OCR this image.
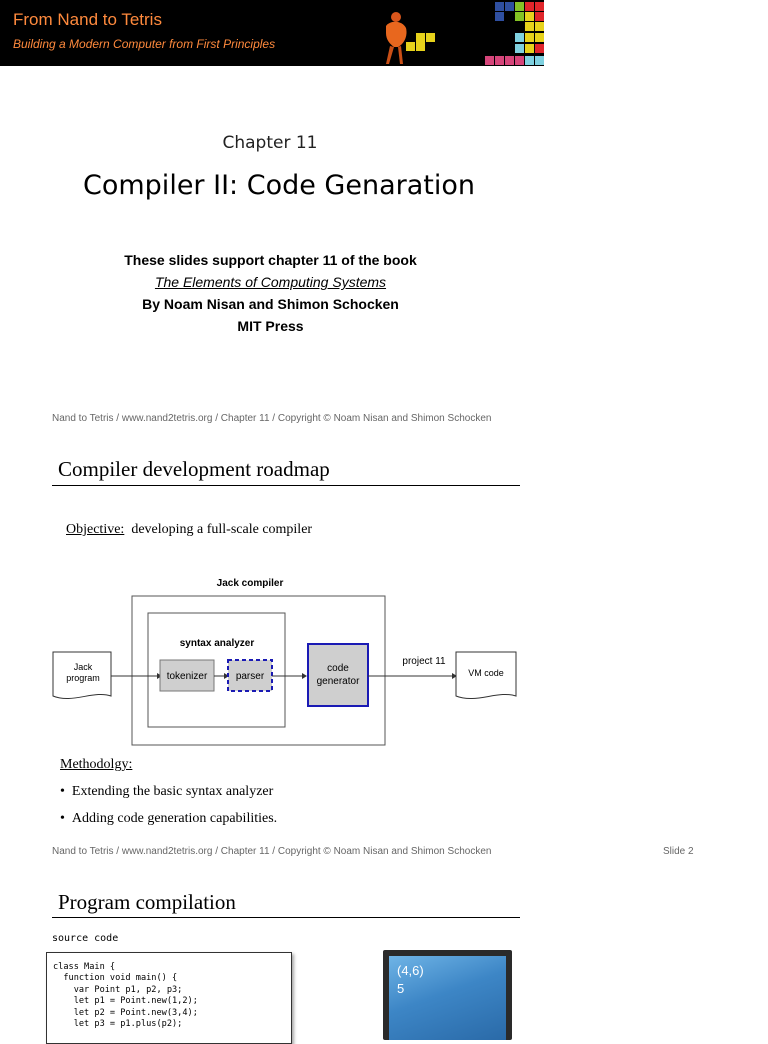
From Nand to Tetris
Building a Modern Computer from First Principles
Chapter 11
Compiler II: Code Genaration
These slides support chapter 11 of the book
The Elements of Computing Systems
By Noam Nisan and Shimon Schocken
MIT Press
Nand to Tetris / www.nand2tetris.org / Chapter 11 / Copyright © Noam Nisan and Shimon Schocken
Compiler development roadmap
Objective: developing a full-scale compiler
Jack compiler
syntax analyzer
Jack
program	tokenizer	parser
code
generator
project 11
VM code
Methodolgy:
• Extending the basic syntax analyzer
• Adding code generation capabilities.
Nand to Tetris / www.nand2tetris.org / Chapter 11 / Copyright © Noam Nisan and Shimon Schocken	Slide 2
Program compilation
source code
class Main {
function void main() {
var Point p1, p2, p3;
let p1 = Point.new(1,2);
let p2 = Point.new(3,4);
let p3 = p1.plus(p2);
(4,6)
5
